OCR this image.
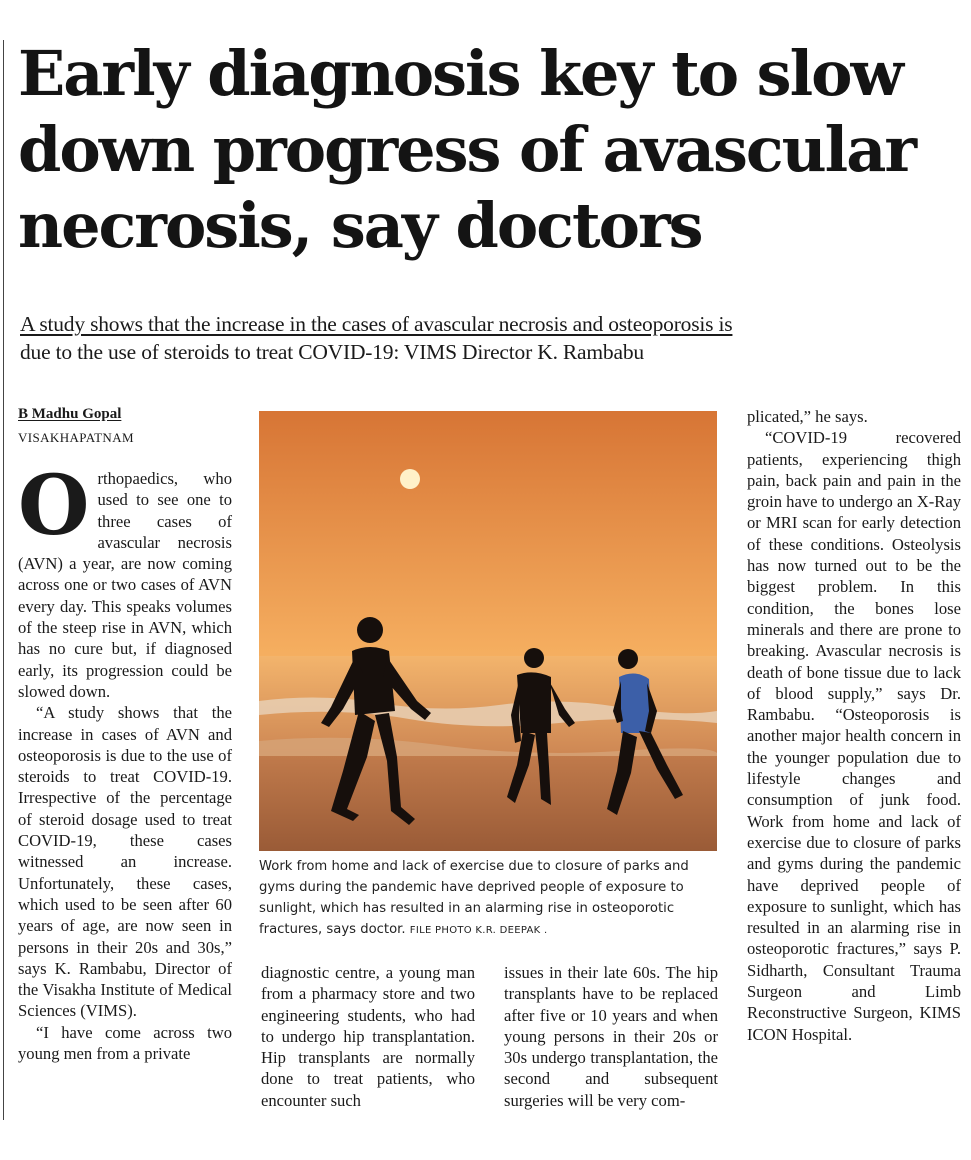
Early diagnosis key to slow down progress of avascular necrosis, say doctors

A study shows that the increase in the cases of avascular necrosis and osteoporosis is
due to the use of steroids to treat COVID-19: VIMS Director K. Rambabu

B Madhu Gopal
VISAKHAPATNAM
O rthopaedics, who used to see one to three cases of avascular necrosis (AVN) a year, are now coming across one or two cases of AVN every day. This speaks volumes of the steep rise in AVN, which has no cure but, if diagnosed early, its progression could be slowed down.

“A study shows that the increase in cases of AVN and osteoporosis is due to the use of steroids to treat COVID-19. Irrespective of the percentage of steroid dosage used to treat COVID-19, these cases witnessed an increase. Unfortunately, these cases, which used to be seen after 60 years of age, are now seen in persons in their 20s and 30s,” says K. Rambabu, Director of the Visakha Institute of Medical Sciences (VIMS).

“I have come across two young men from a private

Work from home and lack of exercise due to closure of parks and gyms during the pandemic have deprived people of exposure to sunlight, which has resulted in an alarming rise in osteoporotic fractures, says doctor. FILE PHOTO K.R. DEEPAK .

diagnostic centre, a young man from a pharmacy store and two engineering students, who had to undergo hip transplantation. Hip transplants are normally done to treat patients, who encounter such

issues in their late 60s. The hip transplants have to be replaced after five or 10 years and when young persons in their 20s or 30s undergo transplantation, the second and subsequent surgeries will be very com-

plicated,” he says.

“COVID-19 recovered patients, experiencing thigh pain, back pain and pain in the groin have to undergo an X-Ray or MRI scan for early detection of these conditions. Osteolysis has now turned out to be the biggest problem. In this condition, the bones lose minerals and there are prone to breaking. Avascular necrosis is death of bone tissue due to lack of blood supply,” says Dr. Rambabu. “Osteoporosis is another major health concern in the younger population due to lifestyle changes and consumption of junk food. Work from home and lack of exercise due to closure of parks and gyms during the pandemic have deprived people of exposure to sunlight, which has resulted in an alarming rise in osteoporotic fractures,” says P. Sidharth, Consultant Trauma Surgeon and Limb Reconstructive Surgeon, KIMS ICON Hospital.
